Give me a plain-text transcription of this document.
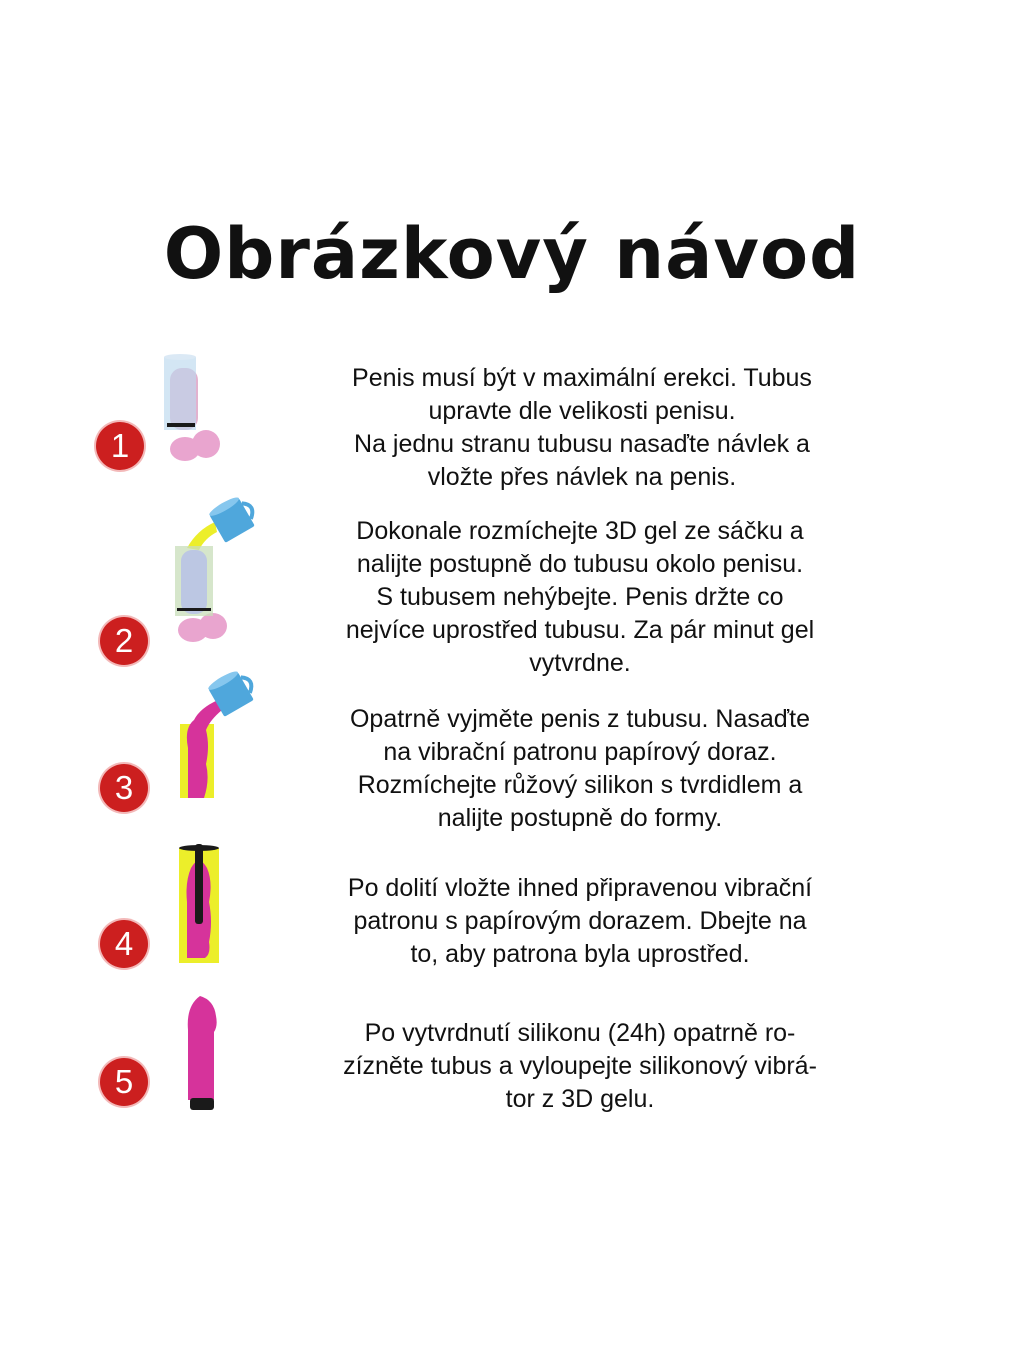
Obrázkový návod
1
Penis musí být v maximální erekci. Tubus
upravte dle velikosti penisu.
Na jednu stranu tubusu nasaďte návlek a
vložte přes návlek na penis.
2
Dokonale rozmíchejte 3D gel ze sáčku a
nalijte postupně do tubusu okolo penisu.
S tubusem nehýbejte. Penis držte co
nejvíce uprostřed tubusu. Za pár minut gel
vytvrdne.
3
Opatrně vyjměte penis z tubusu. Nasaďte
na vibrační patronu papírový doraz.
Rozmíchejte růžový silikon s tvrdidlem a
nalijte postupně do formy.
4
Po dolití vložte ihned připravenou vibrační
patronu s papírovým dorazem. Dbejte na
to, aby patrona byla uprostřed.
5
Po vytvrdnutí silikonu (24h) opatrně ro-
zízněte tubus a vyloupejte silikonový vibrá-
tor z 3D gelu.
